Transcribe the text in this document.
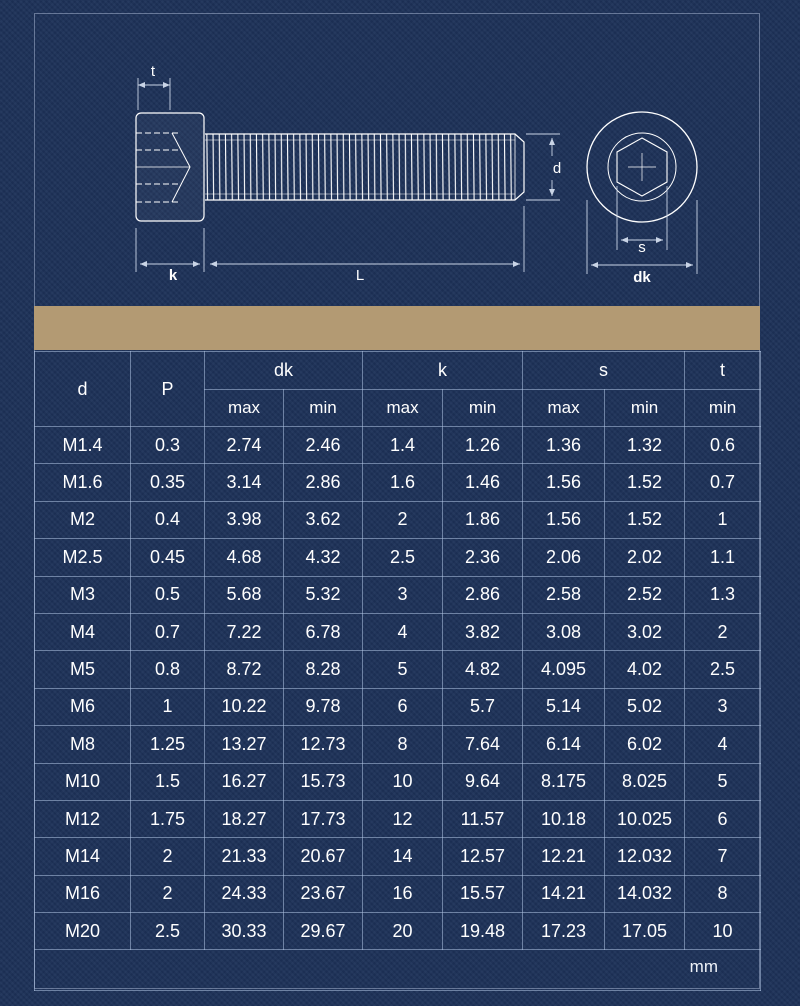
t
d
k	L
s
dk
d	P	dk		k		s		t
		max	min	max	min	max	min	min
M1.4	0.3	2.74	2.46	1.4	1.26	1.36	1.32	0.6
M1.6	0.35	3.14	2.86	1.6	1.46	1.56	1.52	0.7
M2	0.4	3.98	3.62	2	1.86	1.56	1.52	1
M2.5	0.45	4.68	4.32	2.5	2.36	2.06	2.02	1.1
M3	0.5	5.68	5.32	3	2.86	2.58	2.52	1.3
M4	0.7	7.22	6.78	4	3.82	3.08	3.02	2
M5	0.8	8.72	8.28	5	4.82	4.095	4.02	2.5
M6	1	10.22	9.78	6	5.7	5.14	5.02	3
M8	1.25	13.27	12.73	8	7.64	6.14	6.02	4
M10	1.5	16.27	15.73	10	9.64	8.175	8.025	5
M12	1.75	18.27	17.73	12	11.57	10.18	10.025	6
M14	2	21.33	20.67	14	12.57	12.21	12.032	7
M16	2	24.33	23.67	16	15.57	14.21	14.032	8
M20	2.5	30.33	29.67	20	19.48	17.23	17.05	10

mm
